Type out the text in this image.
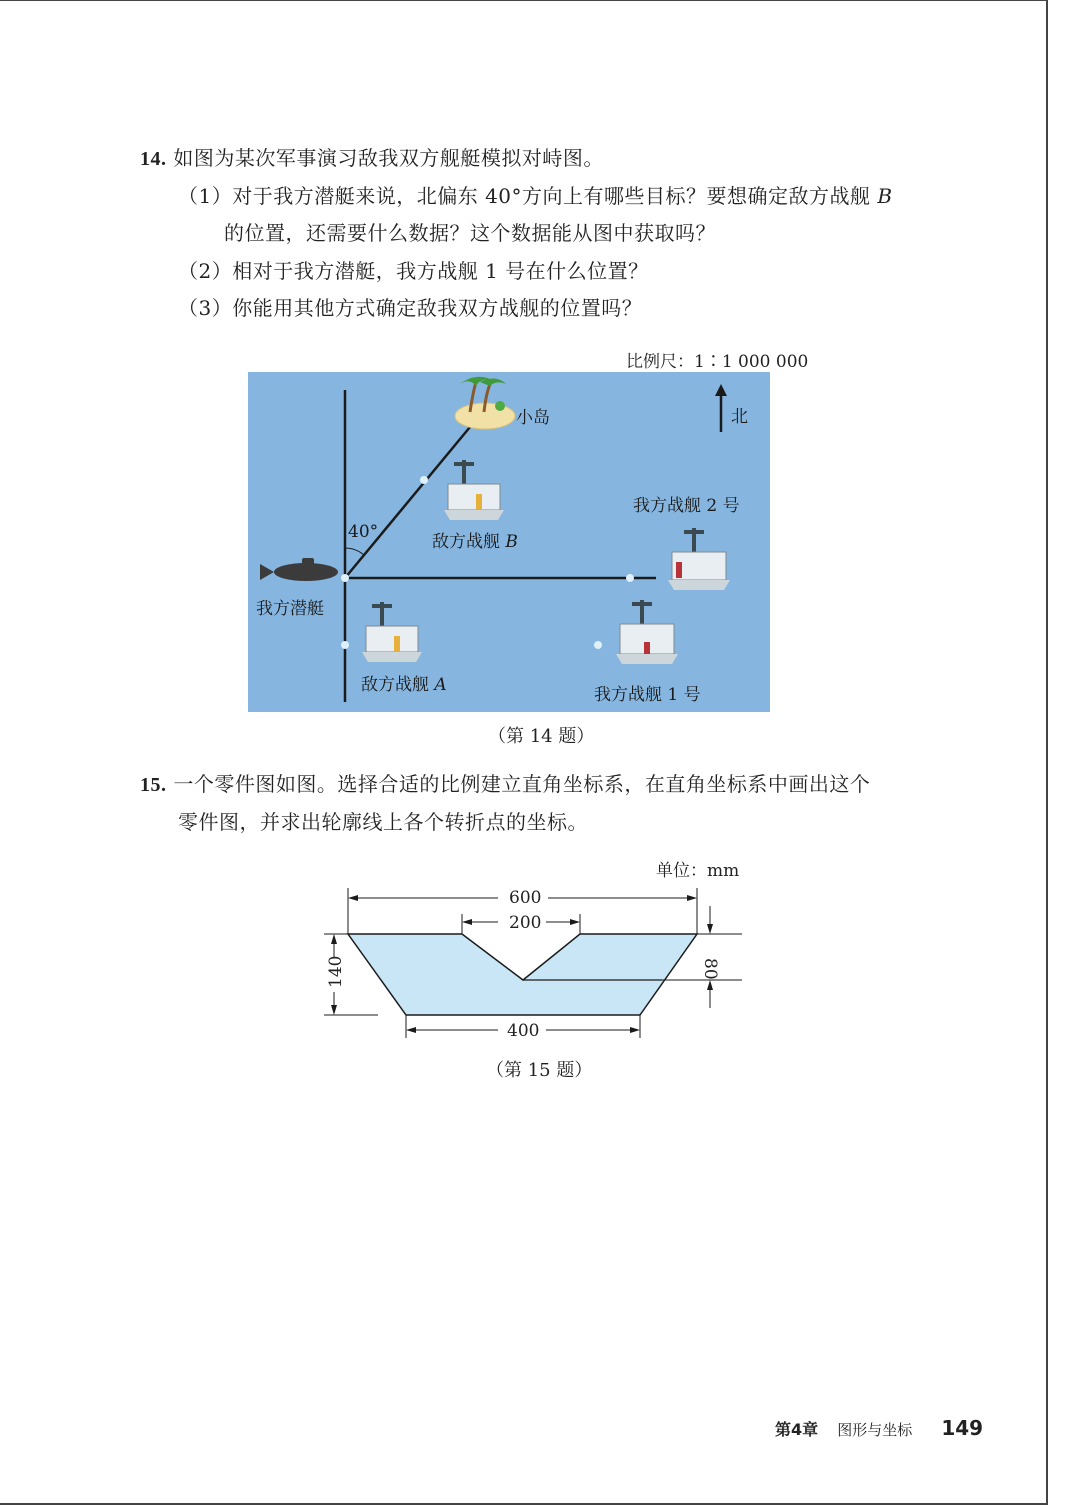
14. 如图为某次军事演习敌我双方舰艇模拟对峙图。
（1）对于我方潜艇来说，北偏东 40°方向上有哪些目标？要想确定敌方战舰 B
的位置，还需要什么数据？这个数据能从图中获取吗？
（2）相对于我方潜艇，我方战舰 1 号在什么位置？
（3）你能用其他方式确定敌我双方战舰的位置吗？
比例尺：1∶1 000 000
小岛	北
40°	敌方战舰 B
我方战舰 2 号
我方潜艇
敌方战舰 A	我方战舰 1 号
（第 14 题）
15. 一个零件图如图。选择合适的比例建立直角坐标系，在直角坐标系中画出这个
零件图，并求出轮廓线上各个转折点的坐标。
单位：mm
600
200
400
140	80
（第 15 题）
第4章 图形与坐标 149
